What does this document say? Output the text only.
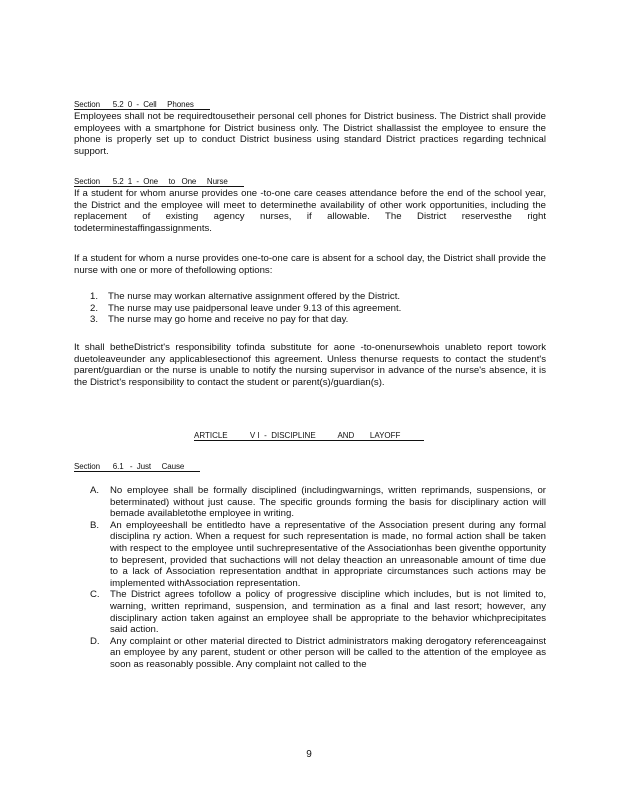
Section      5.2  0  -  Cell     Phones

Employees shall not be requiredtousetheir personal cell phones for District business. The District shall provide employees with a smartphone for District business only. The District shallassist the employee to ensure the phone is properly set up to conduct District business using standard District practices regarding technical support.

Section      5.2  1  -  One     to   One     Nurse

If a student for whom anurse provides one -to-one care ceases attendance before the end of the school year, the District and the employee will meet to determinethe availability of other work opportunities, including the replacement of existing agency nurses, if allowable. The District reservesthe right todeterminestaffingassignments.

If a student for whom a nurse provides one-to-one care is absent for a school day, the District shall provide the nurse with one or more of thefollowing options:

1. The nurse may workan alternative assignment offered by the District.
2. The nurse may use paidpersonal leave under 9.13 of this agreement.
3. The nurse may go home and receive no pay for that day.

It shall betheDistrict's responsibility tofinda substitute for aone -to-onenursewhois unableto report towork duetoleaveunder any applicablesectionof this agreement. Unless thenurse requests to contact the student's parent/guardian or the nurse is unable to notify the nursing supervisor in advance of the nurse's absence, it is the District's responsibility to contact the student or parent(s)/guardian(s).

ARTICLE          V I  -  DISCIPLINE          AND       LAYOFF
Section      6.1   -  Just     Cause
A. No employee shall be formally disciplined (includingwarnings, written reprimands, suspensions, or beterminated) without just cause. The specific grounds forming the basis for disciplinary action will bemade availabletothe employee in writing.
B. An employeeshall be entitledto have a representative of the Association present during any formal disciplina ry action. When a request for such representation is made, no formal action shall be taken with respect to the employee until suchrepresentative of the Associationhas been giventhe opportunity to bepresent, provided that suchactions will not delay theaction an unreasonable amount of time due to a lack of Association representation andthat in appropriate circumstances such actions may be implemented withAssociation representation.
C. The District agrees tofollow a policy of progressive discipline which includes, but is not limited to, warning, written reprimand, suspension, and termination as a final and last resort; however, any disciplinary action taken against an employee shall be appropriate to the behavior whichprecipitates said action.
D. Any complaint or other material directed to District administrators making derogatory referenceagainst an employee by any parent, student or other person will be called to the attention of the employee as soon as reasonably possible. Any complaint not called to the
9
